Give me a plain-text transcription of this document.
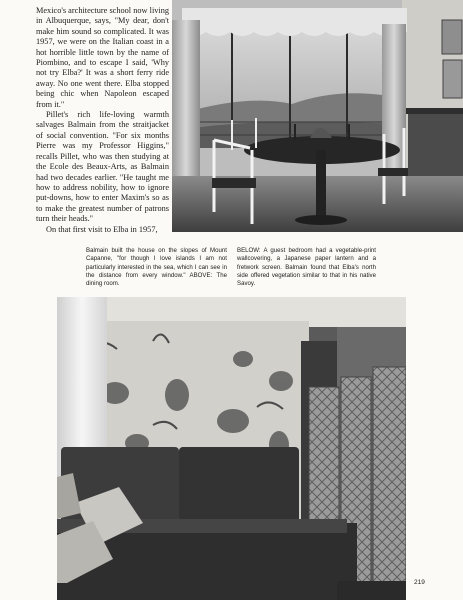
Mexico's architecture school now living in Albuquerque, says, "My dear, don't make him sound so complicated. It was 1957, we were on the Italian coast in a hot horrible little town by the name of Piombino, and to escape I said, 'Why not try Elba?' It was a short ferry ride away. No one went there. Elba stopped being chic when Napoleon escaped from it."

Pillet's rich life-loving warmth salvages Balmain from the straitjacket of social convention. "For six months Pierre was my Professor Higgins," recalls Pillet, who was then studying at the Ecole des Beaux-Arts, as Balmain had two decades earlier. "He taught me how to address nobility, how to ignore put-downs, how to enter Maxim's so as to make the greatest number of patrons turn their heads."

On that first visit to Elba in 1957,

Balmain built the house on the slopes of Mount Capanne, "for though I love islands I am not particularly interested in the sea, which I can see in the distance from every window." ABOVE: The dining room.

BELOW: A guest bedroom had a vegetable-print wallcovering, a Japanese paper lantern and a fretwork screen. Balmain found that Elba's north side offered vegetation similar to that in his native Savoy.

219
